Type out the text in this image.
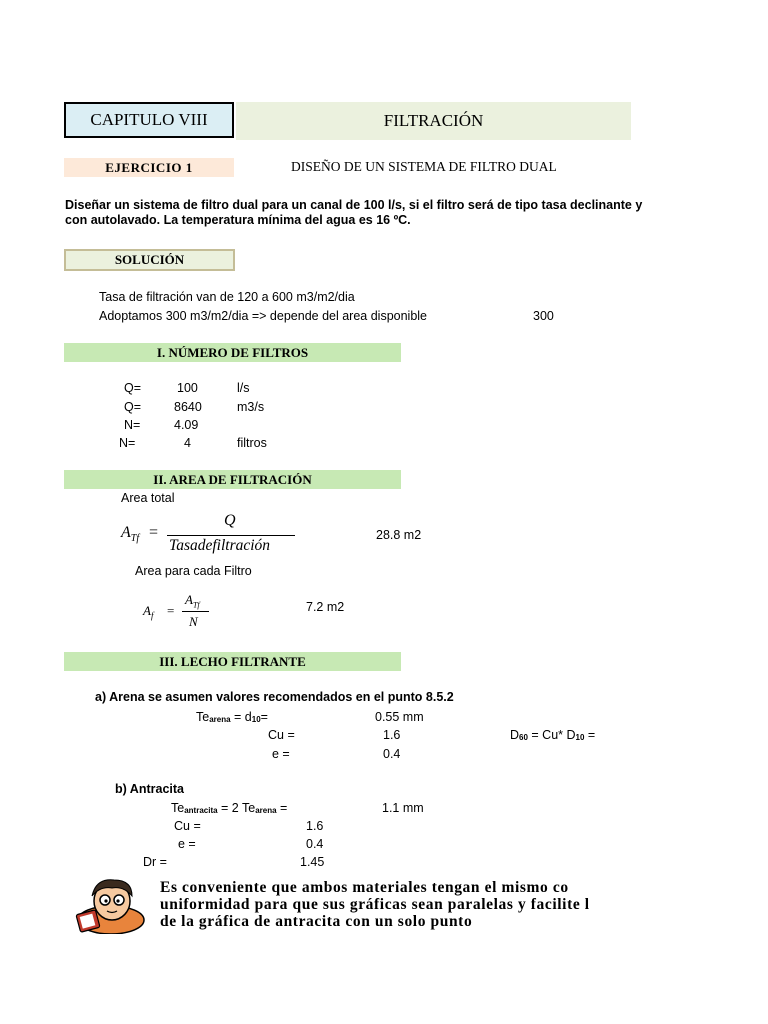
CAPITULO VIII	FILTRACIÓN
EJERCICIO 1	DISEÑO DE UN SISTEMA DE FILTRO DUAL
Diseñar un sistema de filtro dual para un canal de 100 l/s, si el filtro será de tipo tasa declinante y
con autolavado. La temperatura mínima del agua es 16 ºC.
SOLUCIÓN
Tasa de filtración van de 120 a 600 m3/m2/dia
Adoptamos 300 m3/m2/dia => depende del area disponible	300
I. NÚMERO DE FILTROS
Q=	100	l/s
Q=	8640	m3/s
N=	4.09
N=	4	filtros
II. AREA DE FILTRACIÓN
Area total
$A_{Tf}$ =
Q
Tasadefiltración
28.8 m2
Area para cada Filtro
$A_f$ =
$A_{Tf}$
N
7.2 m2
III. LECHO FILTRANTE
a) Arena se asumen valores recomendados en el punto 8.5.2
$Te_{arena} = d_{10}=$	0.55 mm
Cu =	1.6	$D_{60} = Cu*$ $D_{10}$ =
e =	0.4
b) Antracita
$Te_{antracita} = 2$ $Te_{arena}$ =	1.1 mm
Cu =	1.6
e =	0.4
Dr =	1.45
Es conveniente que ambos materiales tengan el mismo co
uniformidad para que sus gráficas sean paralelas y facilite l
de la gráfica de antracita con un solo punto
